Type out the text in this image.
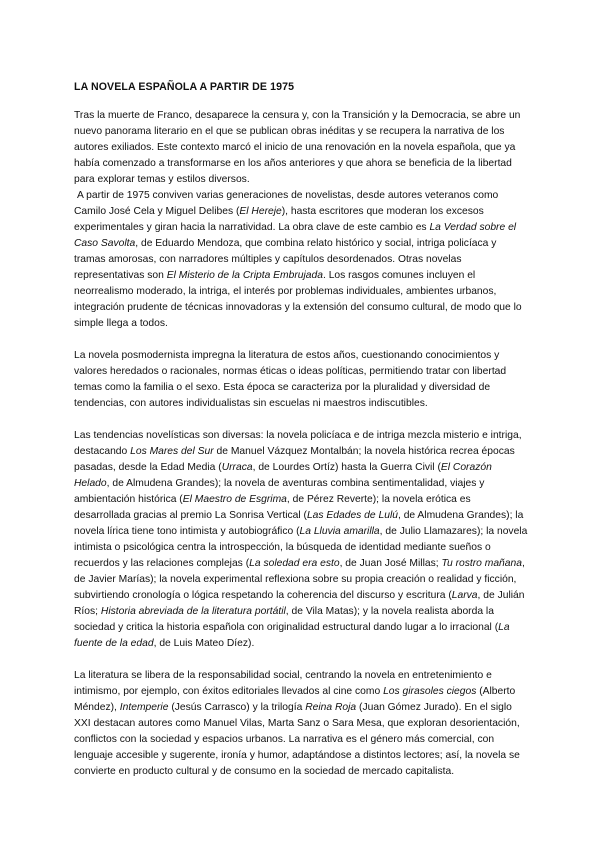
LA NOVELA ESPAÑOLA A PARTIR DE 1975

Tras la muerte de Franco, desaparece la censura y, con la Transición y la Democracia, se abre un nuevo panorama literario en el que se publican obras inéditas y se recupera la narrativa de los autores exiliados. Este contexto marcó el inicio de una renovación en la novela española, que ya había comenzado a transformarse en los años anteriores y que ahora se beneficia de la libertad para explorar temas y estilos diversos.

A partir de 1975 conviven varias generaciones de novelistas, desde autores veteranos como Camilo José Cela y Miguel Delibes (El Hereje), hasta escritores que moderan los excesos experimentales y giran hacia la narratividad. La obra clave de este cambio es La Verdad sobre el Caso Savolta, de Eduardo Mendoza, que combina relato histórico y social, intriga policíaca y tramas amorosas, con narradores múltiples y capítulos desordenados. Otras novelas representativas son El Misterio de la Cripta Embrujada. Los rasgos comunes incluyen el neorrealismo moderado, la intriga, el interés por problemas individuales, ambientes urbanos, integración prudente de técnicas innovadoras y la extensión del consumo cultural, de modo que lo simple llega a todos.

La novela posmodernista impregna la literatura de estos años, cuestionando conocimientos y valores heredados o racionales, normas éticas o ideas políticas, permitiendo tratar con libertad temas como la familia o el sexo. Esta época se caracteriza por la pluralidad y diversidad de tendencias, con autores individualistas sin escuelas ni maestros indiscutibles.

Las tendencias novelísticas son diversas: la novela policíaca e de intriga mezcla misterio e intriga, destacando Los Mares del Sur de Manuel Vázquez Montalbán; la novela histórica recrea épocas pasadas, desde la Edad Media (Urraca, de Lourdes Ortíz) hasta la Guerra Civil (El Corazón Helado, de Almudena Grandes); la novela de aventuras combina sentimentalidad, viajes y ambientación histórica (El Maestro de Esgrima, de Pérez Reverte); la novela erótica es desarrollada gracias al premio La Sonrisa Vertical (Las Edades de Lulú, de Almudena Grandes); la novela lírica tiene tono intimista y autobiográfico (La Lluvia amarilla, de Julio Llamazares); la novela intimista o psicológica centra la introspección, la búsqueda de identidad mediante sueños o recuerdos y las relaciones complejas (La soledad era esto, de Juan José Millas; Tu rostro mañana, de Javier Marías); la novela experimental reflexiona sobre su propia creación o realidad y ficción, subvirtiendo cronología o lógica respetando la coherencia del discurso y escritura (Larva, de Julián Ríos; Historia abreviada de la literatura portátil, de Vila Matas); y la novela realista aborda la sociedad y critica la historia española con originalidad estructural dando lugar a lo irracional (La fuente de la edad, de Luis Mateo Díez).

La literatura se libera de la responsabilidad social, centrando la novela en entretenimiento e intimismo, por ejemplo, con éxitos editoriales llevados al cine como Los girasoles ciegos (Alberto Méndez), Intemperie (Jesús Carrasco) y la trilogía Reina Roja (Juan Gómez Jurado). En el siglo XXI destacan autores como Manuel Vilas, Marta Sanz o Sara Mesa, que exploran desorientación, conflictos con la sociedad y espacios urbanos. La narrativa es el género más comercial, con lenguaje accesible y sugerente, ironía y humor, adaptándose a distintos lectores; así, la novela se convierte en producto cultural y de consumo en la sociedad de mercado capitalista.
